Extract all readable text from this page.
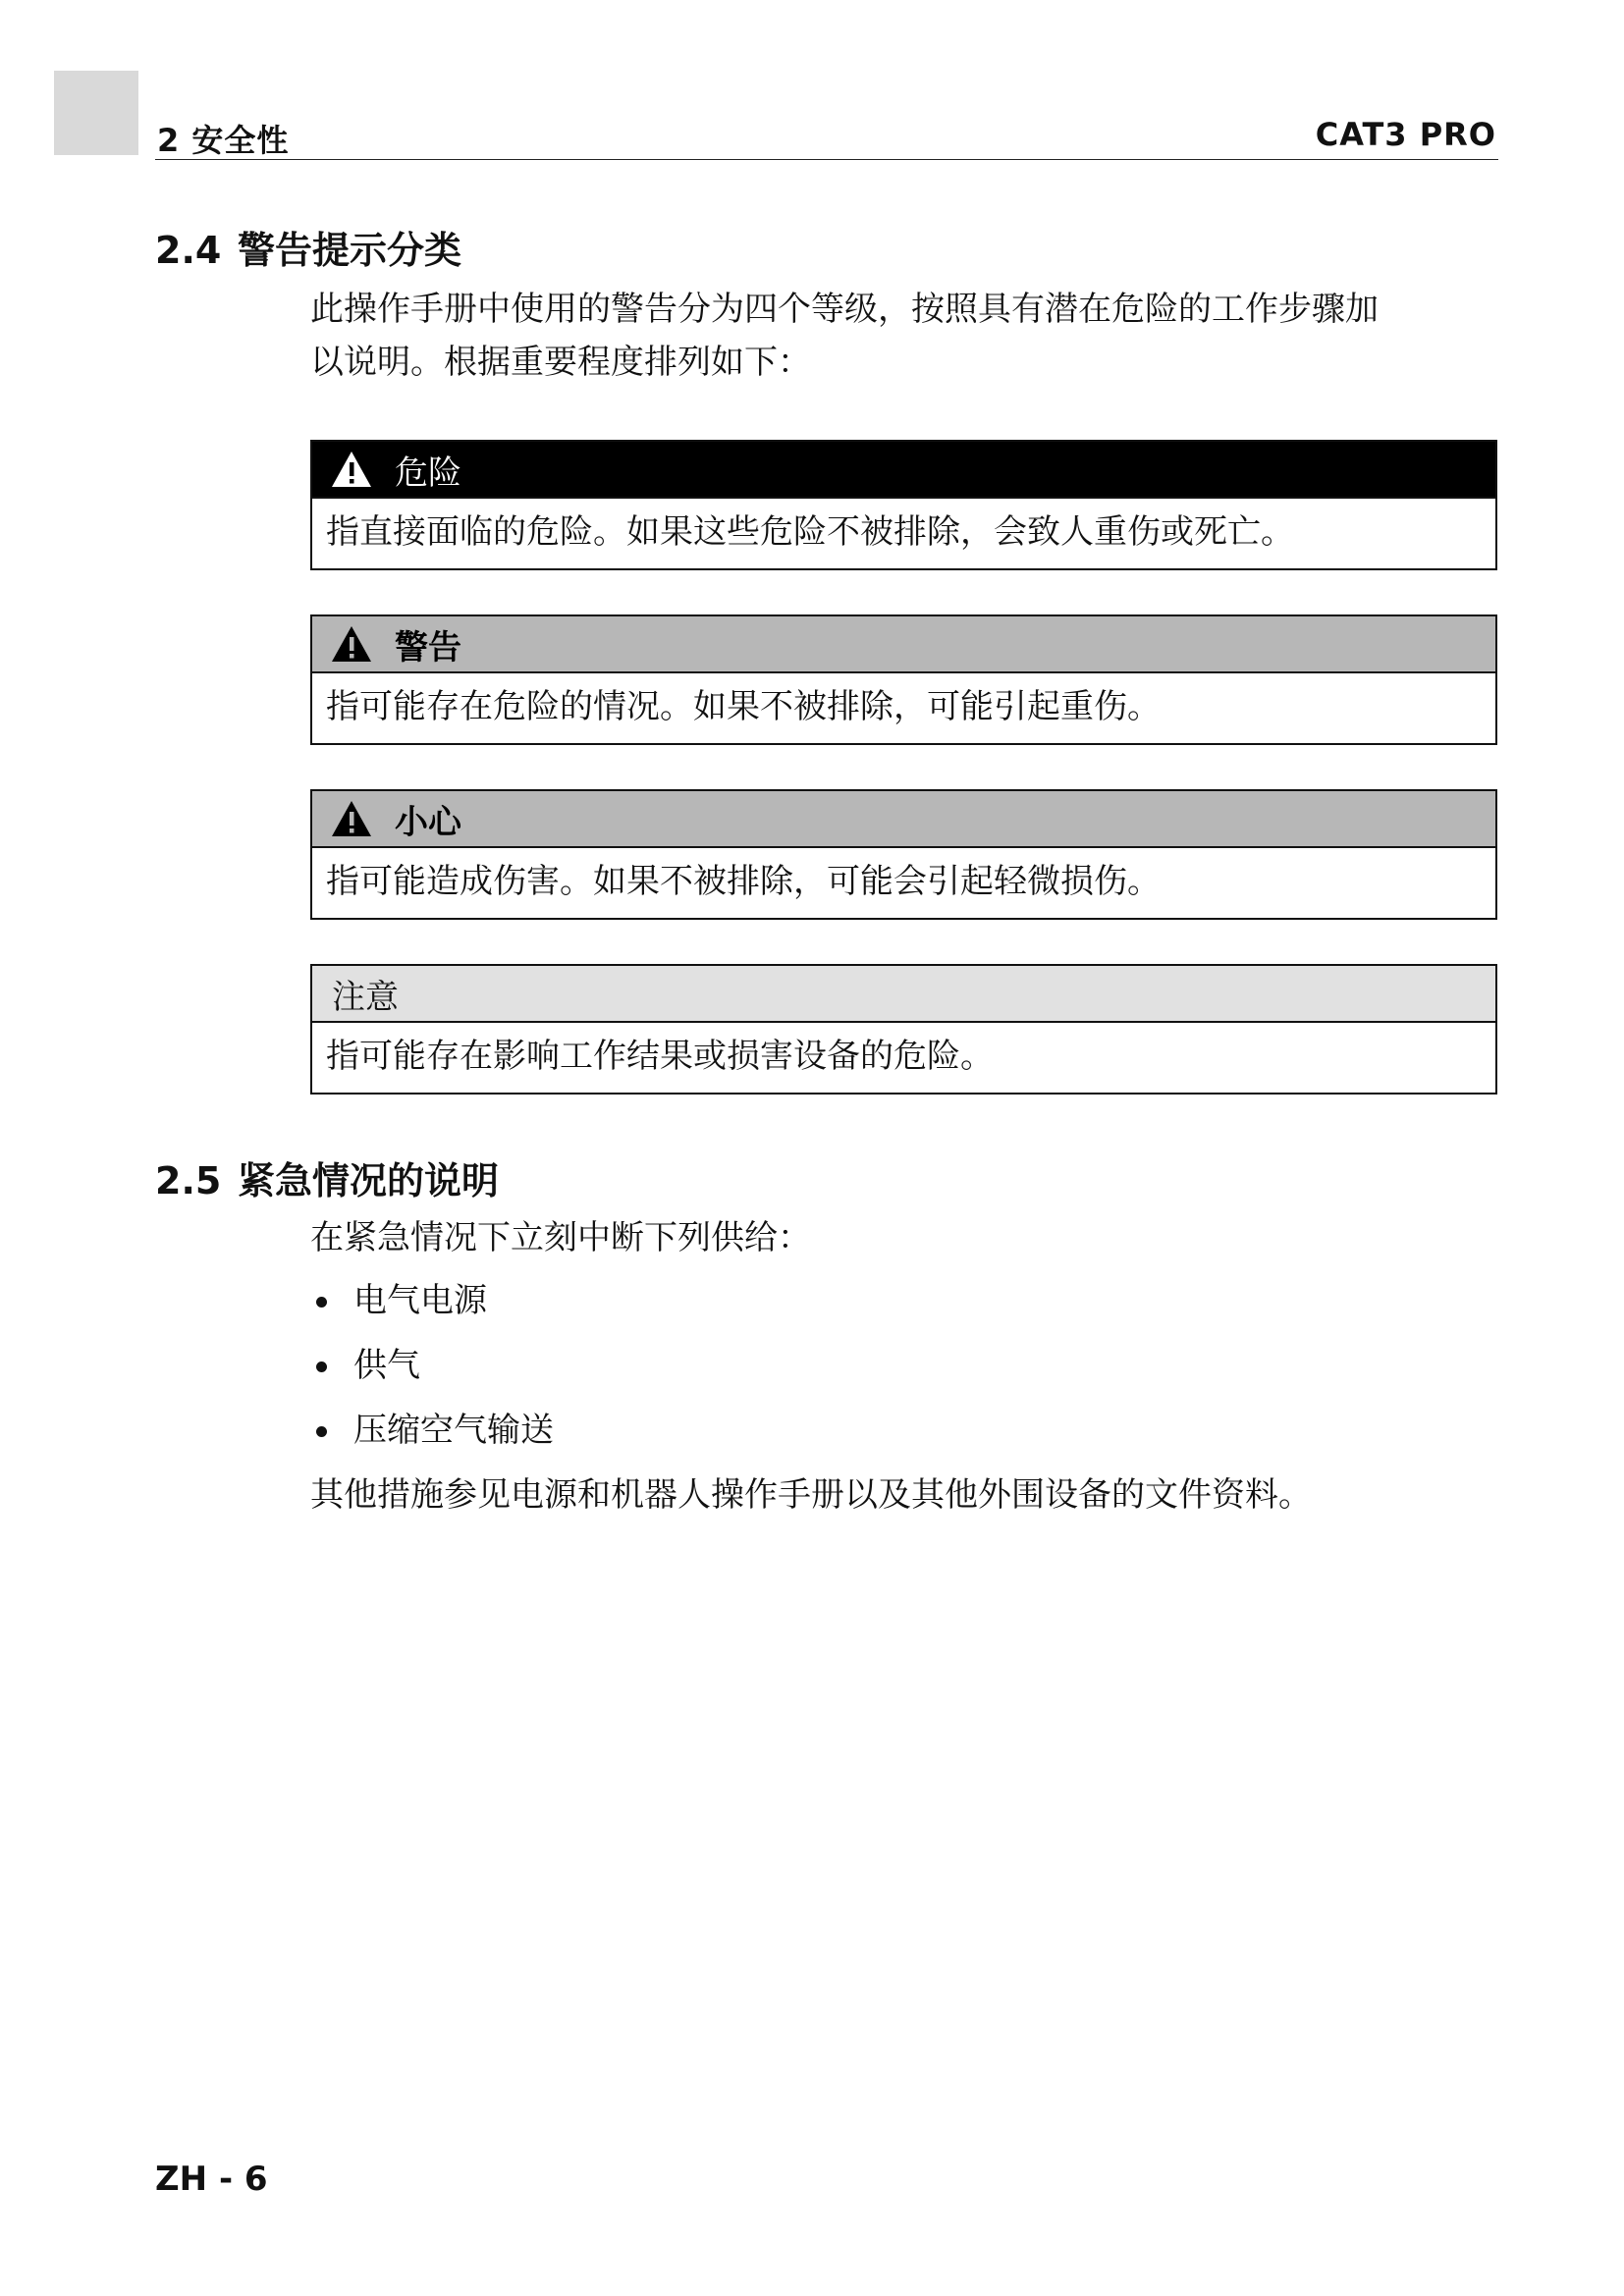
2 安全性	CAT3 PRO
2.4 警告提示分类
此操作手册中使用的警告分为四个等级，按照具有潜在危险的工作步骤加
以说明。根据重要程度排列如下：
危险
指直接面临的危险。如果这些危险不被排除，会致人重伤或死亡。
警告
指可能存在危险的情况。如果不被排除，可能引起重伤。
小心
指可能造成伤害。如果不被排除，可能会引起轻微损伤。
注意
指可能存在影响工作结果或损害设备的危险。
2.5 紧急情况的说明
在紧急情况下立刻中断下列供给：
电气电源
供气
压缩空气输送
其他措施参见电源和机器人操作手册以及其他外围设备的文件资料。
ZH - 6
